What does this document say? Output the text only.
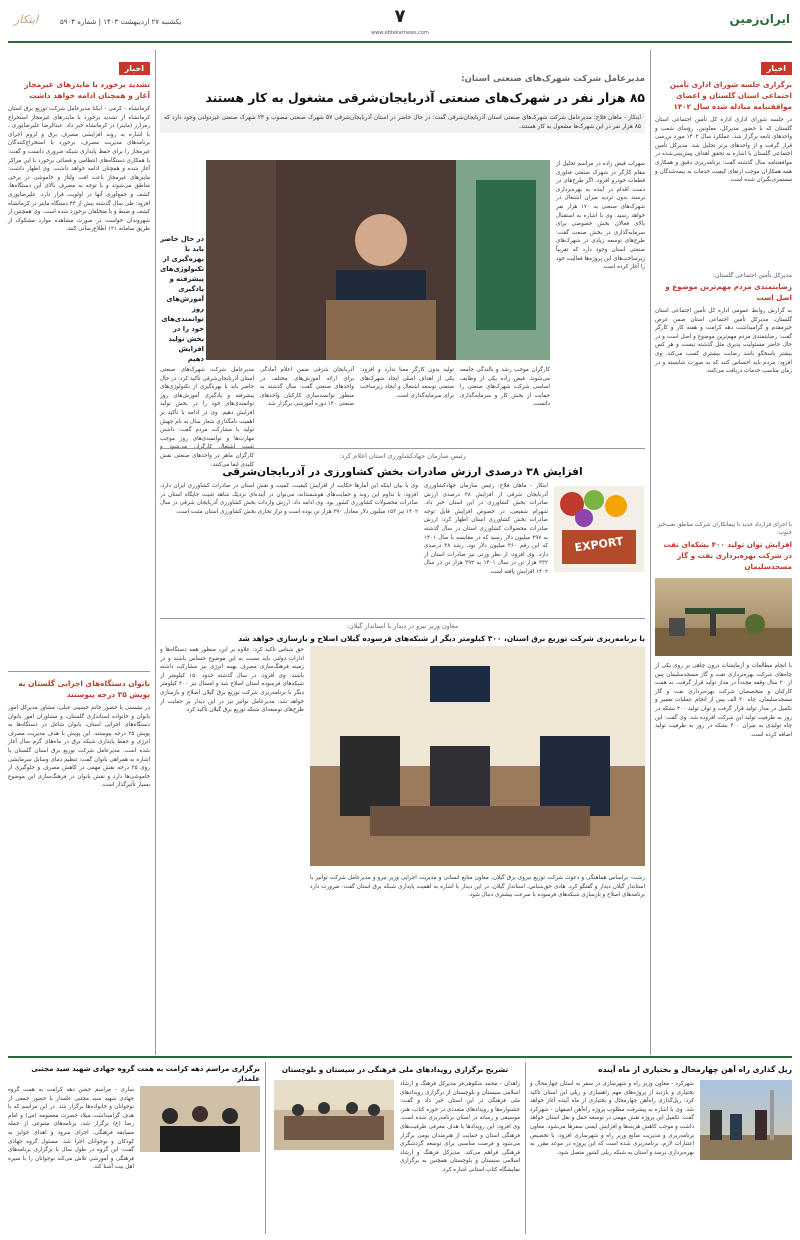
ابتکار	یکشنبه ۲۷ اردیبهشت ۱۴۰۳ | شماره ۵۹۰۴	۷
www.ebtekarnews.com
ایران‌زمین
اخبار
برگزاری جلسه شورای اداری تأمین اجتماعی استان گلستان و اعضای موافقتنامه مبادله شده سال ۱۴۰۲
در جلسه شورای اداری اداره کل تأمین اجتماعی استان گلستان که با حضور مدیرکل، معاونین، رؤسای شعب و واحدهای تابعه برگزار شد، عملکرد سال ۱۴۰۲ مورد بررسی قرار گرفت و از واحدهای برتر تجلیل شد. مدیرکل تأمین اجتماعی گلستان با اشاره به تحقق اهداف پیش‌بینی‌شده در موافقتنامه سال گذشته گفت: برنامه‌ریزی دقیق و همکاری همه همکاران موجب ارتقای کیفیت خدمات به بیمه‌شدگان و مستمری‌بگیران شده است.
مدیرکل تأمین اجتماعی گلستان:
رضایتمندی مردم مهم‌ترین موضوع و اصل است
به گزارش روابط عمومی اداره کل تأمین اجتماعی استان گلستان، مدیرکل تأمین اجتماعی استان ضمن عرض خیرمقدم و گرامیداشت دهه کرامت و هفته کار و کارگر گفت: رضایتمندی مردم مهم‌ترین موضوع و اصل است و در حال حاضر مسئولیت پذیری مثل گذشته نیست و هر کس بیشتر پاسخگو باشد رضایت بیشتری کسب می‌کند. وی افزود: مردم باید احساس کنند که به صورت شایسته و در زمان مناسب خدمات دریافت می‌کنند.
با اجرای قرارداد جدید با پیمانکاران شرکت مناطق نفت‌خیز جنوب:
افزایش توان تولید ۴۰۰ بشکه‌ای نفت در شرکت بهره‌برداری نفت و گاز مسجدسلیمان
با انجام مطالعات و آزمایشات درون چاهی بر روی یکی از چاه‌های شرکت بهره‌برداری نفت و گاز مسجدسلیمان پس از ۲۰ سال وقفه مجدداً در مدار تولید قرار گرفت. به همت کارکنان و متخصصان شرکت بهره‌برداری نفت و گاز مسجدسلیمان، چاه ۳۰ الف پس از انجام عملیات تعمیر و تکمیل در مدار تولید قرار گرفت و توان تولید ۴۰۰ بشکه در روز به ظرفیت تولید این شرکت افزوده شد. وی گفت: این چاه تولیدی به میزان ۴۰۰ بشکه در روز به ظرفیت تولید اضافه کرده است.
اخبار
تشدید برخورد با مایدرهای غیرمجاز آغاز و همچنان ادامه خواهد داشت
کرمانشاه - کرمی - ایکنا مدیرعامل شرکت توزیع برق استان کرمانشاه از تشدید برخورد با مایدرهای غیرمجاز استخراج رمزارز (ماینر) در کرمانشاه خبر داد. عبدالرضا علیرضاپوری ، با اشاره به روند افزایشی مصرف برق و لزوم اجرای برنامه‌های مدیریت مصرف، برخورد با استخراج‌کنندگان غیرمجاز را برای حفظ پایداری شبکه ضروری دانست و گفت: با همکاری دستگاه‌های انتظامی و قضائی برخورد با این مراکز آغاز شده و همچنان ادامه خواهد داشت. وی اظهار داشت: ماینرهای غیرمجاز باعث افت ولتاژ و خاموشی در برخی مناطق می‌شوند و با توجه به مصرف بالای این دستگاه‌ها، کشف و جمع‌آوری آنها در اولویت قرار دارد. علیرضاپوری افزود: طی سال گذشته بیش از ۴۴ دستگاه ماینر در کرمانشاه کشف و ضبط و با متخلفان برخورد شده است. وی همچنین از شهروندان خواست در صورت مشاهده موارد مشکوک از طریق سامانه ۱۲۱ اطلاع‌رسانی کنند.
بانوان دستگاه‌های اجرایی گلستان به پویش ۲۵ درجه پیوستند
در نشستی با حضور خانم حسینی جبلی، مشاور مدیرکل امور بانوان و خانواده استانداری گلستان، و مشاوران امور بانوان دستگاه‌های اجرایی استان، بانوان شاغل در دستگاه‌ها به پویش ۲۵ درجه پیوستند. این پویش با هدف مدیریت مصرف انرژی و حفظ پایداری شبکه برق در ماه‌های گرم سال آغاز شده است. مدیرعامل شرکت توزیع برق استان گلستان با اشاره به همراهی بانوان گفت: تنظیم دمای وسایل سرمایشی روی ۲۵ درجه نقش مهمی در کاهش مصرف و جلوگیری از خاموشی‌ها دارد و نقش بانوان در فرهنگ‌سازی این موضوع بسیار تأثیرگذار است.
مدیرعامل شرکت شهرک‌های صنعتی استان:
۸۵ هزار نفر در شهرک‌های صنعتی آذربایجان‌شرقی مشغول به کار هستند
ایتکار - ماهان فلاح: مدیرعامل شرکت شهرک‌های صنعتی استان آذربایجان‌شرقی گفت: در حال حاضر در استان آذربایجان‌شرقی ۵۷ شهرک صنعتی مصوب و ۲۳ شهرک صنعتی غیردولتی وجود دارد که ۸۵ هزار نفر در این شهرک‌ها مشغول به کار هستند.
سهراب قیض زاده در مراسم تجلیل از مقام کارگر در شهرک صنعتی فناوری قطعات خودرو افزود: اگر طرح‌های در دست اقدام در آینده به بهره‌برداری برسند بدون تردید میزان اشتغال در شهرک‌های صنعتی به ۱۷۰ هزار نفر خواهد رسید. وی با اشاره به استقبال بالای فعالان بخش خصوصی برای سرمایه‌گذاری در بخش صنعت گفت: طرح‌های توسعه زیادی در شهرک‌های صنعتی استان وجود دارد که تقریباً زیرساخت‌های این پروژه‌ها فعالیت خود را آغاز کرده است.
در حال حاضر باید با بهره‌گیری از تکنولوژی‌های پیشرفته و یادگیری آموزش‌های روز توانمندی‌های خود را در بخش تولید افزایش دهیم
کارگران موجب رشد و بالندگی جامعه می‌شوند. قیض زاده یکی از وظایف اساسی شرکت شهرک‌های صنعتی را حمایت از بخش کار و سرمایه‌گذاری دانست.
تولید بدون کارگر معنا ندارد و افزود: یکی از اهداف اصلی ایجاد شهرک‌های صنعتی توسعه اشتغال و ایجاد زیرساخت برای سرمایه‌گذاری است.
آذربایجان شرقی ضمن اعلام آمادگی برای ارائه آموزش‌های مختلف در واحدهای صنعتی گفت: سال گذشته به منظور توانمندسازی کارکنان واحدهای صنعتی ۱۴۰ دوره آموزشی برگزار شد.
مدیرعامل شرکت شهرک‌های صنعتی استان آذربایجان‌شرقی تأکید کرد: در حال حاضر باید با بهره‌گیری از تکنولوژی‌های پیشرفته و یادگیری آموزش‌های روز توانمندی‌های خود را در بخش تولید افزایش دهیم. وی در ادامه با تأکید بر اهمیت نامگذاری شعار سال به نام جهش تولید با مشارکت مردم گفت: داشتن مهارت‌ها و توانمندی‌های روز موجب کارگران ماهر در واحدهای صنعتی نقش کلیدی ایفا می‌کنند.
رئیس سازمان جهادکشاورزی استان اعلام کرد:
افزایش ۳۸ درصدی ارزش صادرات بخش کشاورزی در آذربایجان‌شرقی
ابتکار - ماهان فلاح: رئیس سازمان جهادکشاورزی آذربایجان شرقی از افزایش ۳۸ درصدی ارزش صادرات بخش کشاورزی در این استان خبر داد. شهرام شفیعی، در خصوص افزایش قابل توجه صادرات بخش کشاورزی استان اظهار کرد: ارزش صادرات محصولات کشاورزی استان در سال گذشته به ۴۹۷ میلیون دلار رسید که در مقایسه با سال ۱۴۰۱ که این رقم ۳۶۰ میلیون دلار بود، رشد ۳۸ درصدی دارد. وی افزود: از نظر وزنی نیز صادرات استان از ۳۳۲ هزار تن در سال ۱۴۰۱ به ۳۹۲ هزار تن در سال ۱۴۰۲ افزایش یافته است.
وی با بیان اینکه این آمارها حکایت از افزایش کیفیت، کمیت و نقش استان در صادرات کشاورزی ایران دارد، افزود: با تداوم این روند و حمایت‌های هوشمندانه، می‌توان در آینده‌ای نزدیک شاهد تثبیت جایگاه استان در صادرات محصولات کشاورزی کشور بود. وی ادامه داد: ارزش واردات بخش کشاورزی آذربایجان شرقی در سال ۱۴۰۲ نیز ۱۵۳ میلیون دلار معادل ۳۹۰ هزار تن بوده است و تراز تجاری بخش کشاورزی استان مثبت است.
EXPORT
معاون وزیر نیرو در دیدار با استاندار گیلان:
با برنامه‌ریزی شرکت توزیع برق استان، ۳۰۰ کیلومتر دیگر از شبکه‌های فرسوده گیلان اصلاح و بازسازی خواهد شد
رشت- براساس هماهنگی و دعوت شرکت توزیع نیروی برق گیلان، معاون منابع انسانی و مدیریت اجرایی وزیر نیرو و مدیرعامل شرکت توانیر با استاندار گیلان دیدار و گفتگو کرد. هادی حق‌شناس، استاندار گیلان، در این دیدار با اشاره به اهمیت پایداری شبکه برق استان گفت: ضرورت دارد برنامه‌های اصلاح و بازسازی شبکه‌های فرسوده با سرعت بیشتری دنبال شود.
حق شناس تاکید کرد: علاوه بر این، منظور همه دستگاه‌ها و ادارات دولتی باید نسبت به این موضوع حساس باشند و در زمینه فرهنگ‌سازی مصرف بهینه انرژی نیز مشارکت داشته باشند. وی افزود: در سال گذشته حدود ۱۵۰ کیلومتر از شبکه‌های فرسوده استان اصلاح شد و امسال نیز ۳۰۰ کیلومتر دیگر با برنامه‌ریزی شرکت توزیع برق گیلان اصلاح و بازسازی خواهد شد. مدیرعامل توانیر نیز در این دیدار بر حمایت از طرح‌های توسعه‌ای شبکه توزیع برق گیلان تأکید کرد.
ریل گذاری راه آهن چهارمحال و بختیاری از ماه آینده
شهرکرد - معاون وزیر راه و شهرسازی در سفر به استان چهارمحال و بختیاری و بازدید از پروژه‌های مهم راهسازی و ریلی این استان تاکید کرد: ریل‌گذاری راه‌آهن چهارمحال و بختیاری از ماه آینده آغاز خواهد شد. وی با اشاره به پیشرفت مطلوب پروژه راه‌آهن اصفهان - شهرکرد گفت: تکمیل این پروژه نقش مهمی در توسعه حمل و نقل استان خواهد داشت و موجب کاهش هزینه‌ها و افزایش ایمنی سفرها می‌شود. معاون برنامه‌ریزی و مدیریت منابع وزیر راه و شهرسازی افزود: با تخصیص اعتبارات لازم، برنامه‌ریزی شده است که این پروژه در موعد مقرر به بهره‌برداری برسد و استان به شبکه ریلی کشور متصل شود.
تشریح برگزاری رویدادهای ملی فرهنگی در سیستان و بلوچستان
زاهدان - محمد شکوهی‌فر مدیرکل فرهنگ و ارشاد اسلامی سیستان و بلوچستان از برگزاری رویدادهای ملی فرهنگی در این استان خبر داد و گفت: جشنواره‌ها و رویدادهای متعددی در حوزه کتاب، هنر، موسیقی و رسانه در استان برنامه‌ریزی شده است. وی افزود: این رویدادها با هدف معرفی ظرفیت‌های فرهنگی استان و حمایت از هنرمندان بومی برگزار می‌شود و فرصت مناسبی برای توسعه گردشگری فرهنگی فراهم می‌کند. مدیرکل فرهنگ و ارشاد اسلامی سیستان و بلوچستان همچنین به برگزاری نمایشگاه کتاب استانی اشاره کرد.
برگزاری مراسم دهه کرامت به همت گروه جهادی شهید سید مجتبی علمدار
ساری - مراسم جشن دهه کرامت به همت گروه جهادی شهید سید مجتبی علمدار با حضور جمعی از نوجوانان و خانواده‌ها برگزار شد. در این مراسم که با هدف گرامیداشت میلاد حضرت معصومه (س) و امام رضا (ع) برگزار شد، برنامه‌های متنوعی از جمله مسابقه فرهنگی، اجرای سرود و اهدای جوایز به کودکان و نوجوانان اجرا شد. مسئول گروه جهادی گفت: این گروه در طول سال با برگزاری برنامه‌های فرهنگی و آموزشی تلاش می‌کند نوجوانان را با سیره اهل بیت آشنا کند.
